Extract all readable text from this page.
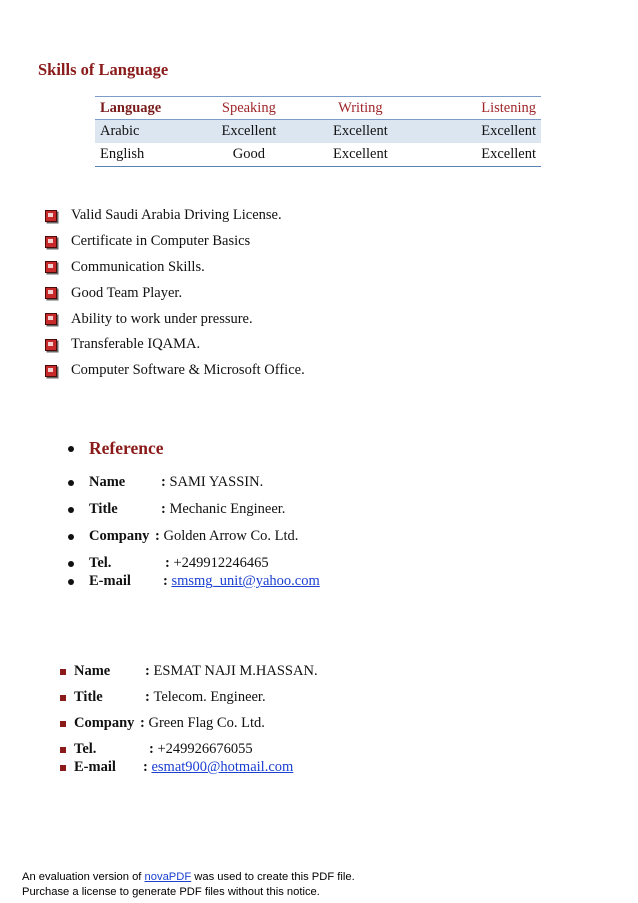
Skills of Language
Language	Speaking	Writing	Listening
Arabic	Excellent	Excellent	Excellent
English	Good	Excellent	Excellent
Valid Saudi Arabia Driving License.
Certificate in Computer Basics
Communication Skills.
Good Team Player.
Ability to work under pressure.
Transferable IQAMA.
Computer Software & Microsoft Office.
Reference
Name	: SAMI YASSIN.
Title	: Mechanic Engineer.
Company : Golden Arrow Co. Ltd.
Tel.	: +249912246465
E-mail	: smsmg_unit@yahoo.com
Name	: ESMAT NAJI M.HASSAN.
Title	: Telecom. Engineer.
Company : Green Flag Co. Ltd.
Tel.	: +249926676055
E-mail	: esmat900@hotmail.com
An evaluation version of novaPDF was used to create this PDF file.
Purchase a license to generate PDF files without this notice.
